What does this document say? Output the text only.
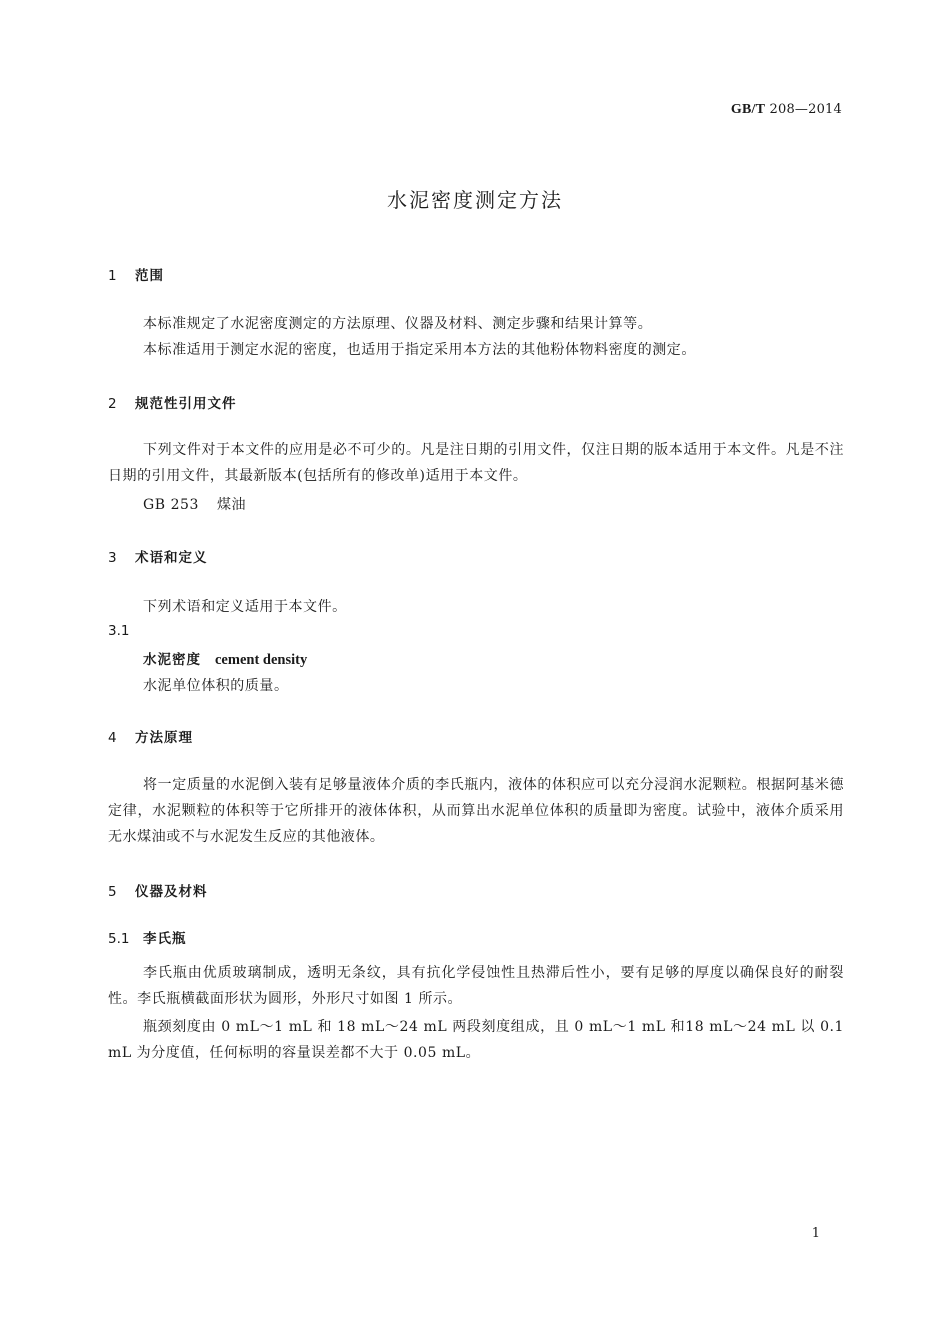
GB/T 208—2014
水泥密度测定方法
1 范围
本标准规定了水泥密度测定的方法原理、仪器及材料、测定步骤和结果计算等。
本标准适用于测定水泥的密度，也适用于指定采用本方法的其他粉体物料密度的测定。
2 规范性引用文件
下列文件对于本文件的应用是必不可少的。凡是注日期的引用文件，仅注日期的版本适用于本文件。凡是不注日期的引用文件，其最新版本(包括所有的修改单)适用于本文件。
GB 253 煤油
3 术语和定义
下列术语和定义适用于本文件。
3.1
水泥密度 cement density
水泥单位体积的质量。
4 方法原理
将一定质量的水泥倒入装有足够量液体介质的李氏瓶内，液体的体积应可以充分浸润水泥颗粒。根据阿基米德定律，水泥颗粒的体积等于它所排开的液体体积，从而算出水泥单位体积的质量即为密度。试验中，液体介质采用无水煤油或不与水泥发生反应的其他液体。
5 仪器及材料
5.1 李氏瓶
李氏瓶由优质玻璃制成，透明无条纹，具有抗化学侵蚀性且热滞后性小，要有足够的厚度以确保良好的耐裂性。李氏瓶横截面形状为圆形，外形尺寸如图 1 所示。
瓶颈刻度由 0 mL～1 mL 和 18 mL～24 mL 两段刻度组成，且 0 mL～1 mL 和18 mL～24 mL 以 0.1 mL 为分度值，任何标明的容量误差都不大于 0.05 mL。
1
